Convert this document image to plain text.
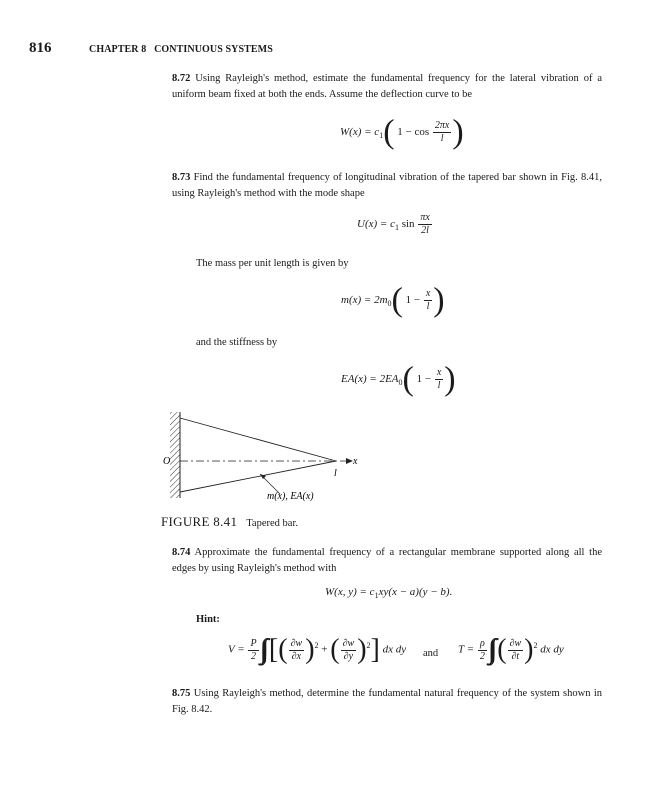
816	CHAPTER 8   CONTINUOUS SYSTEMS
8.72 Using Rayleigh's method, estimate the fundamental frequency for the lateral vibration of a uniform beam fixed at both the ends. Assume the deflection curve to be
$W(x) = c_1$( $1 - \cos \frac{2\pi x}{l}$ )
8.73 Find the fundamental frequency of longitudinal vibration of the tapered bar shown in Fig. 8.41, using Rayleigh's method with the mode shape
$U(x) = c_1$ $\sin \frac{\pi x}{2l}$
The mass per unit length is given by
$m(x) = 2m_0$( $1 - \frac{x}{l}$ )
and the stiffness by
$EA(x) = 2EA_0$( $1 - \frac{x}{l}$ )
O
l
x
m(x), EA(x)
FIGURE 8.41 Tapered bar.
8.74 Approximate the fundamental frequency of a rectangular membrane supported along all the edges by using Rayleigh's method with
W(x, $y) = c_1xy(x - a)(y - b)$.
Hint:
$V = \frac{P}{2}$ ∫∫ [( $\frac{\partial w}{\partial x} )^2$ + ( $\frac{\partial w}{\partial y} )^2$] dx dy and $T = \frac{\rho}{2}$ ∫∫ ( $\frac{\partial w}{\partial t} )^2$ dx dy
8.75 Using Rayleigh's method, determine the fundamental natural frequency of the system shown in Fig. 8.42.
